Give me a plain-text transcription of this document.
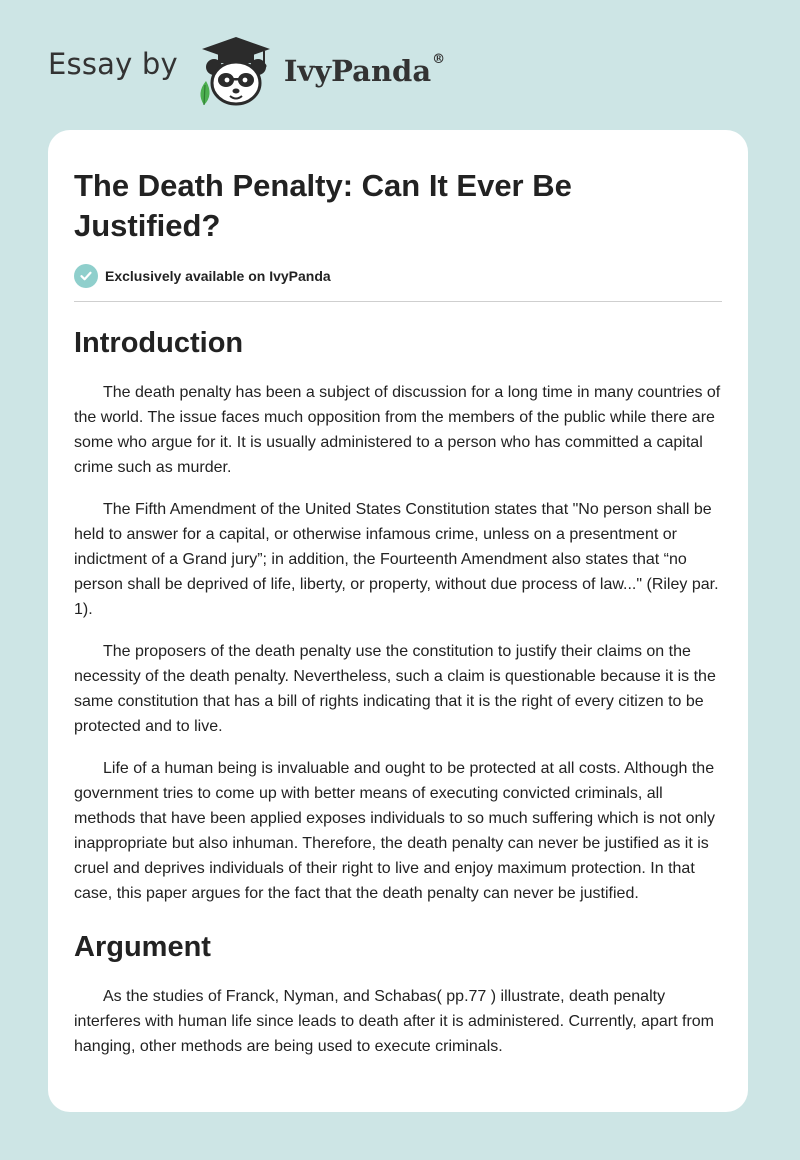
Essay by	IvyPanda®
The Death Penalty: Can It Ever Be Justified?
Exclusively available on IvyPanda
Introduction

The death penalty has been a subject of discussion for a long time in many countries of the world. The issue faces much opposition from the members of the public while there are some who argue for it. It is usually administered to a person who has committed a capital crime such as murder.

The Fifth Amendment of the United States Constitution states that "No person shall be held to answer for a capital, or otherwise infamous crime, unless on a presentment or indictment of a Grand jury”; in addition, the Fourteenth Amendment also states that “no person shall be deprived of life, liberty, or property, without due process of law..." (Riley par. 1).

The proposers of the death penalty use the constitution to justify their claims on the necessity of the death penalty. Nevertheless, such a claim is questionable because it is the same constitution that has a bill of rights indicating that it is the right of every citizen to be protected and to live.

Life of a human being is invaluable and ought to be protected at all costs. Although the government tries to come up with better means of executing convicted criminals, all methods that have been applied exposes individuals to so much suffering which is not only inappropriate but also inhuman. Therefore, the death penalty can never be justified as it is cruel and deprives individuals of their right to live and enjoy maximum protection. In that case, this paper argues for the fact that the death penalty can never be justified.

Argument

As the studies of Franck, Nyman, and Schabas( pp.77 ) illustrate, death penalty interferes with human life since leads to death after it is administered. Currently, apart from hanging, other methods are being used to execute criminals.
